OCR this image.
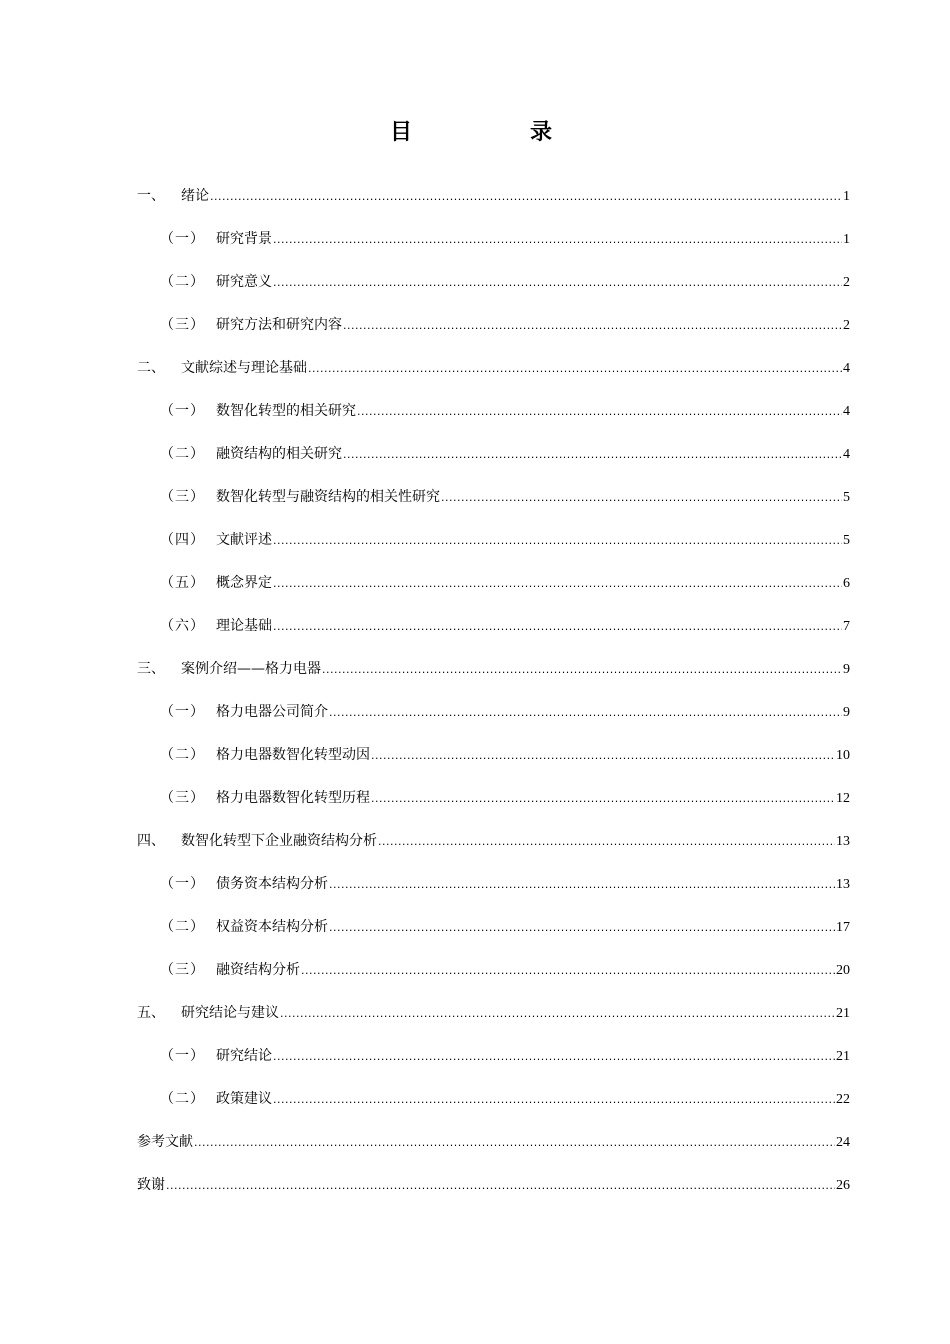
目　录
一、	绪论 .....	1
（一） 研究背景 .....	1
（二） 研究意义 .....	2
（三） 研究方法和研究内容 .....	2
二、	文献综述与理论基础 .....	4
（一） 数智化转型的相关研究 .....	4
（二） 融资结构的相关研究 .....	4
（三） 数智化转型与融资结构的相关性研究 .....	5
（四） 文献评述 .....	5
（五） 概念界定 .....	6
（六） 理论基础 .....	7
三、	案例介绍——格力电器 .....	9
（一） 格力电器公司简介 .....	9
（二） 格力电器数智化转型动因 .....	10
（三） 格力电器数智化转型历程 .....	12
四、	数智化转型下企业融资结构分析 .....	13
（一） 债务资本结构分析 .....	13
（二） 权益资本结构分析 .....	17
（三） 融资结构分析 .....	20
五、	研究结论与建议 .....	21
（一） 研究结论 .....	21
（二） 政策建议 .....	22
参考文献 .....	24
致谢 .....	26
